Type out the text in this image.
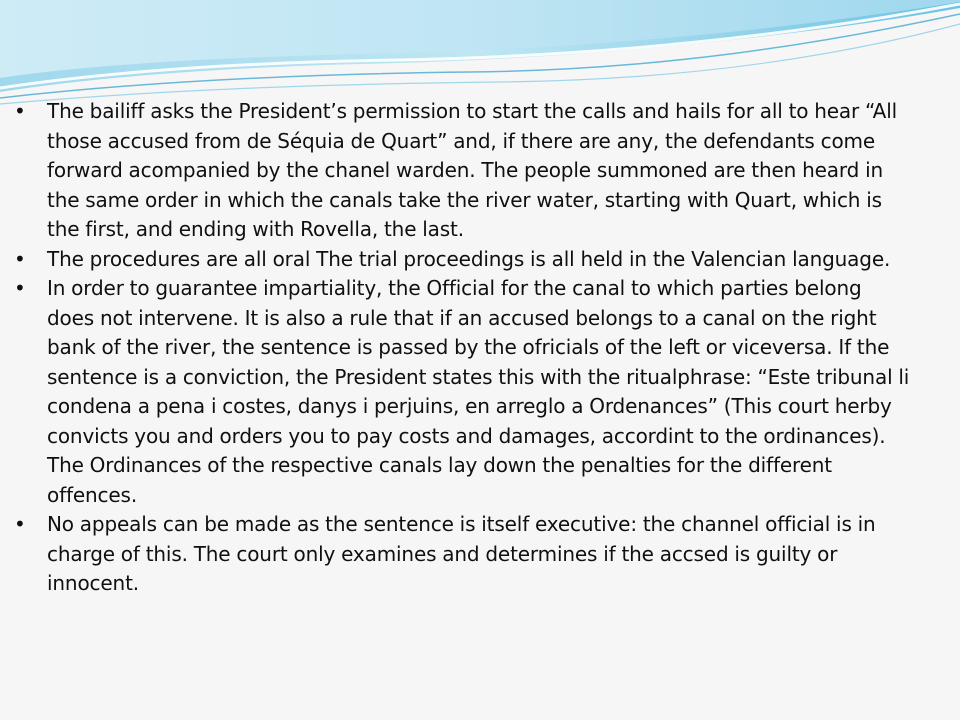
• The bailiff asks the President’s permission to start the calls and hails for all to hear “All those accused from de Séquia de Quart” and, if there are any, the defendants come forward acompanied by the chanel warden. The people summoned are then heard in the same order in which the canals take the river water, starting with Quart, which is the first, and ending with Rovella, the last.
• The procedures are all oral The trial proceedings is all held in the Valencian language.
• In order to guarantee impartiality, the Official for the canal to which parties belong does not intervene. It is also a rule that if an accused belongs to a canal on the right bank of the river, the sentence is passed by the ofricials of the left or viceversa. If the sentence is a conviction, the President states this with the ritualphrase: “Este tribunal li condena a pena i costes, danys i perjuins, en arreglo a Ordenances” (This court herby convicts you and orders you to pay costs and damages, accordint to the ordinances). The Ordinances of the respective canals lay down the penalties for the different offences.
• No appeals can be made as the sentence is itself executive: the channel official is in charge of this. The court only examines and determines if the accsed is guilty or innocent.
